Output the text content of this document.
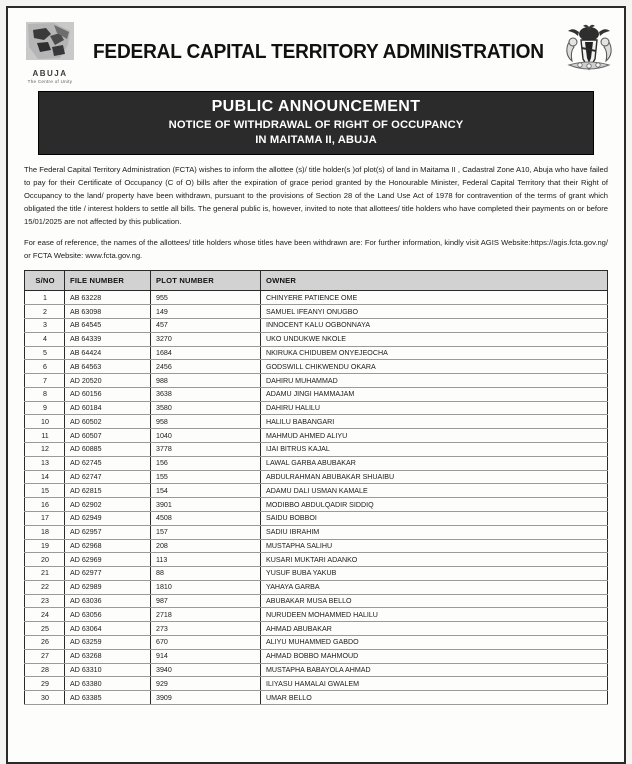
ABUJA
The Centre of Unity
FEDERAL CAPITAL TERRITORY ADMINISTRATION
PUBLIC ANNOUNCEMENT
NOTICE OF WITHDRAWAL OF RIGHT OF OCCUPANCY
IN MAITAMA II, ABUJA

The Federal Capital Territory Administration (FCTA) wishes to inform the allottee (s)/ title holder(s )of plot(s) of land in Maitama II , Cadastral Zone A10, Abuja who have failed to pay for their Certificate of Occupancy (C of O) bills after the expiration of grace period granted by the Honourable Minister, Federal Capital Territory that their Right of Occupancy to the land/ property have been withdrawn, pursuant to the provisions of Section 28 of the Land Use Act of 1978 for contravention of the terms of grant which obligated the title / interest holders to settle all bills. The general public is, however, invited to note that allottees/ title holders who have completed their payments on or before 15/01/2025 are not affected by this publication.

For ease of reference, the names of the allottees/ title holders whose titles have been withdrawn are: For further information, kindly visit AGIS Website:https://agis.fcta.gov.ng/ or FCTA Website: www.fcta.gov.ng.

S/NO	FILE NUMBER	PLOT NUMBER	OWNER
1	AB 63228	955	CHINYERE PATIENCE OME
2	AB 63098	149	SAMUEL IFEANYI ONUGBO
3	AB 64545	457	INNOCENT KALU OGBONNAYA
4	AB 64339	3270	UKO UNDUKWE NKOLE
5	AB 64424	1684	NKIRUKA CHIDUBEM ONYEJEOCHA
6	AB 64563	2456	GODSWILL CHIKWENDU OKARA
7	AD 20520	988	DAHIRU MUHAMMAD
8	AD 60156	3638	ADAMU JINGI HAMMAJAM
9	AD 60184	3580	DAHIRU HALILU
10	AD 60502	958	HALILU BABANGARI
11	AD 60507	1040	MAHMUD AHMED ALIYU
12	AD 60885	3778	IJAI BITRUS KAJAL
13	AD 62745	156	LAWAL GARBA ABUBAKAR
14	AD 62747	155	ABDULRAHMAN ABUBAKAR SHUAIBU
15	AD 62815	154	ADAMU DALI USMAN KAMALE
16	AD 62902	3901	MODIBBO ABDULQADIR SIDDIQ
17	AD 62949	4508	SAIDU BOBBOI
18	AD 62957	157	SADIU IBRAHIM
19	AD 62968	208	MUSTAPHA SALIHU
20	AD 62969	113	KUSARI MUKTARI ADANKO
21	AD 62977	88	YUSUF BUBA YAKUB
22	AD 62989	1810	YAHAYA GARBA
23	AD 63036	987	ABUBAKAR MUSA BELLO
24	AD 63056	2718	NURUDEEN MOHAMMED HALILU
25	AD 63064	273	AHMAD ABUBAKAR
26	AD 63259	670	ALIYU MUHAMMED GABDO
27	AD 63268	914	AHMAD BOBBO MAHMOUD
28	AD 63310	3940	MUSTAPHA BABAYOLA AHMAD
29	AD 63380	929	ILIYASU HAMALAI GWALEM
30	AD 63385	3909	UMAR BELLO
